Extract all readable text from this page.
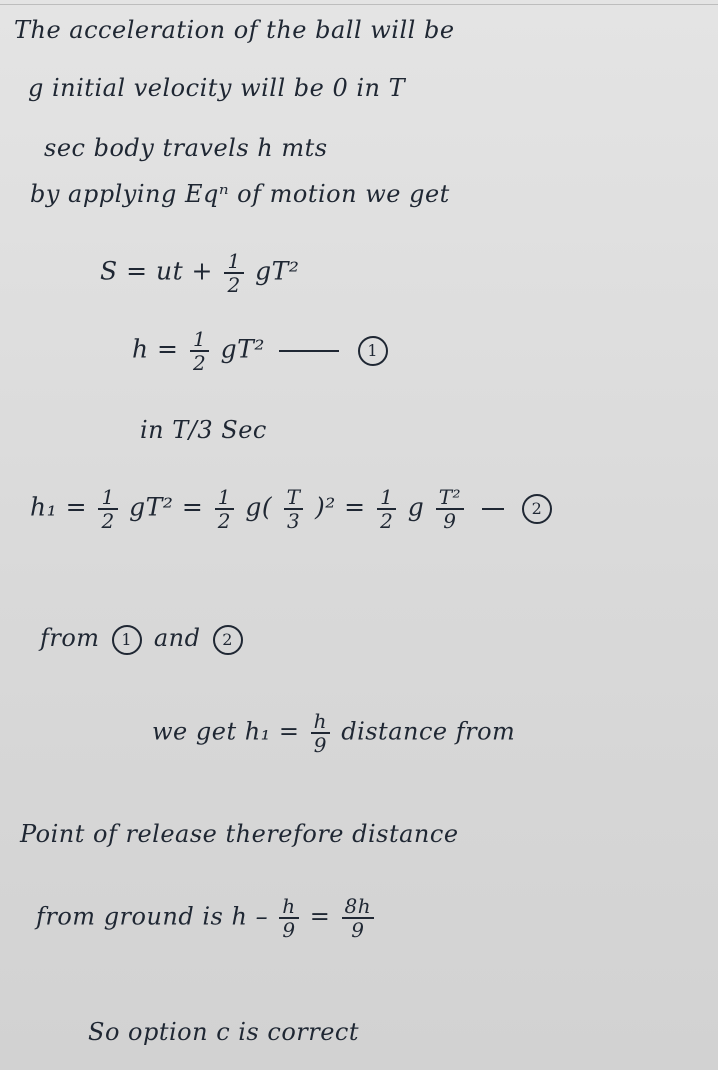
The acceleration of the ball will be
g initial velocity will be 0 in T
sec body travels h mts
by applying Eqⁿ of motion we get
S = ut + $\frac{1}{2} gT^2$
$h = \frac{1}{2} gT^2$	1
in T/3 Sec
$h_1 = \frac{1}{2} gT^2 = \frac{1}{2} g( \frac{T}{3} )^2 = \frac{1}{2}$ g $\frac{\text{T²}}{9}$	2
from 1 and 2
we get $h_1 = \frac{h}{9}$ distance from
Point of release therefore distance
from ground is $h - \frac{h}{9} = \frac{8h}{9}$
So option c is correct
